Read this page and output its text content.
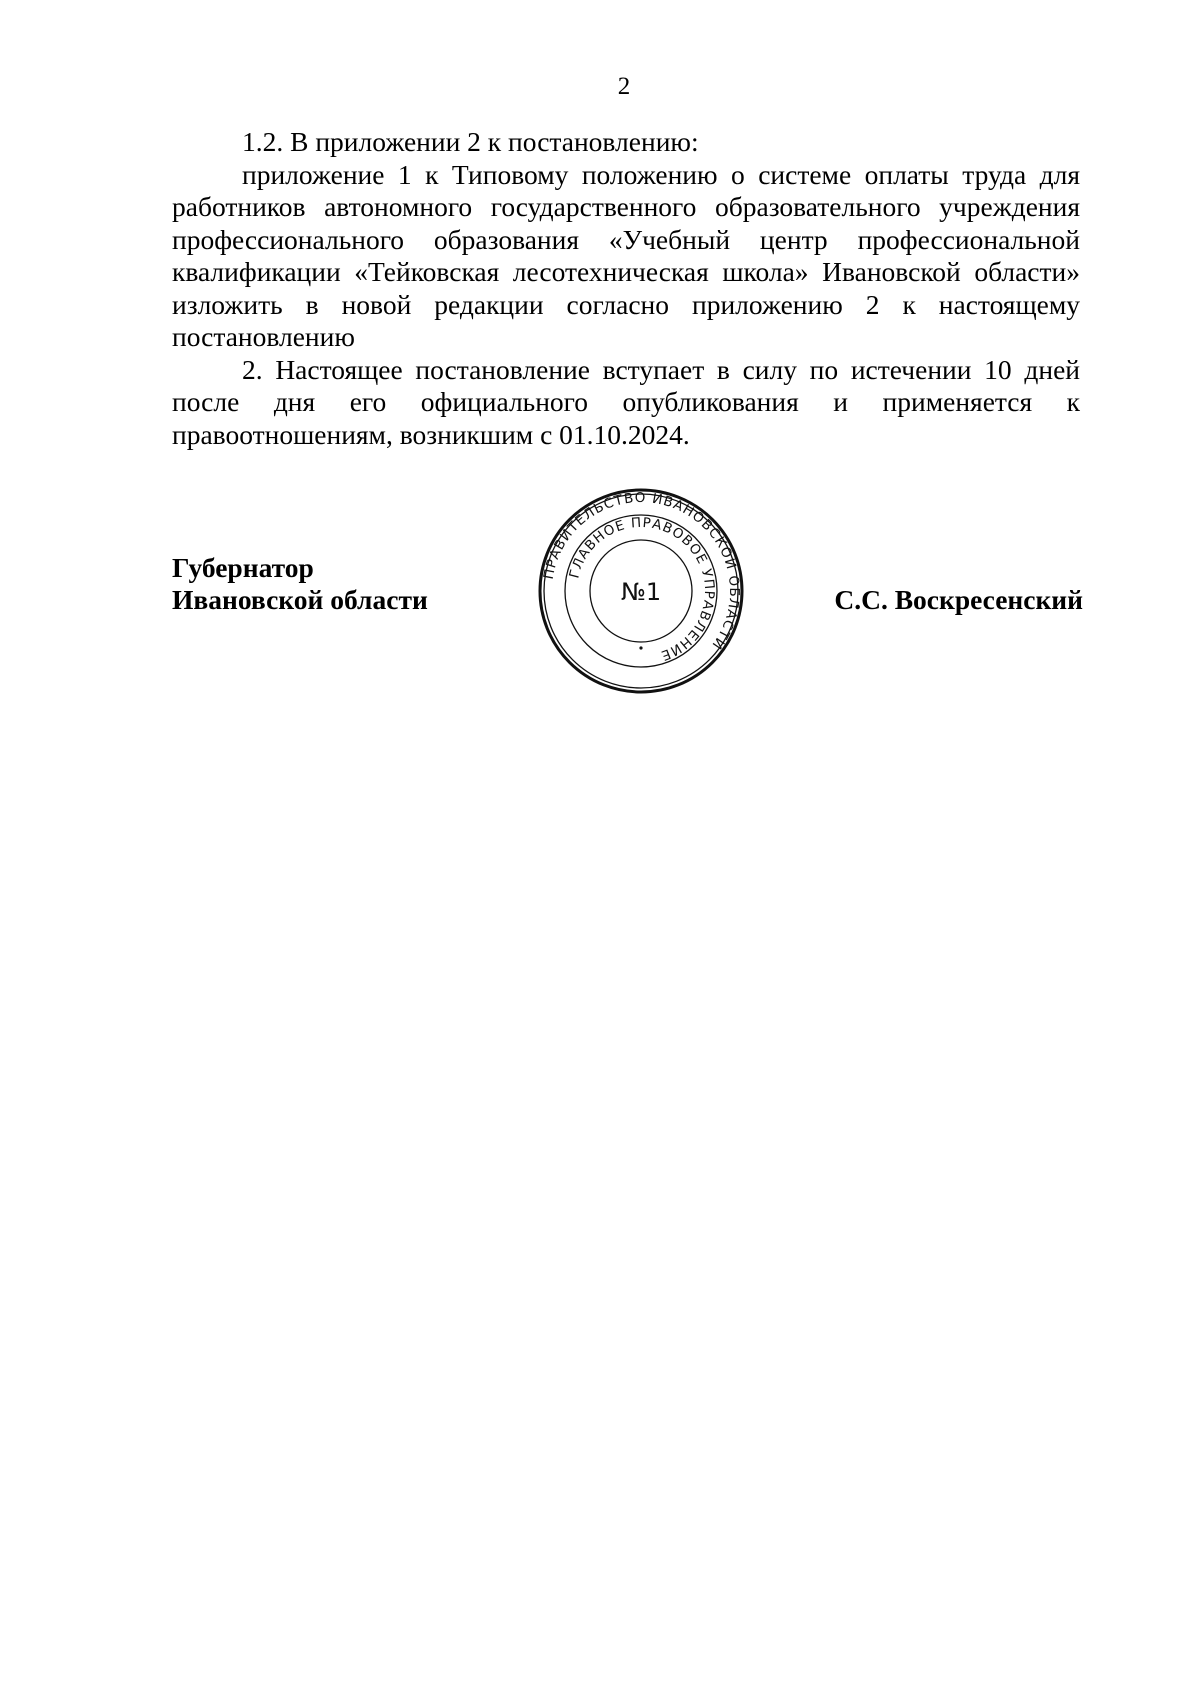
2

1.2. В приложении 2 к постановлению:

приложение 1 к Типовому положению о системе оплаты труда для работников автономного государственного образовательного учреждения профессионального образования «Учебный центр профессиональной квалификации «Тейковская лесотехническая школа» Ивановской области» изложить в новой редакции согласно приложению 2 к настоящему постановлению

2. Настоящее постановление вступает в силу по истечении 10 дней после дня его официального опубликования и применяется к правоотношениям, возникшим с 01.10.2024.

Губернатор
Ивановской области	С.С. Воскресенский
ПРАВИТЕЛЬСТВО ИВАНОВСКОЙ ОБЛАСТИ
ГЛАВНОЕ ПРАВОВОЕ УПРАВЛЕНИЕ
№1
